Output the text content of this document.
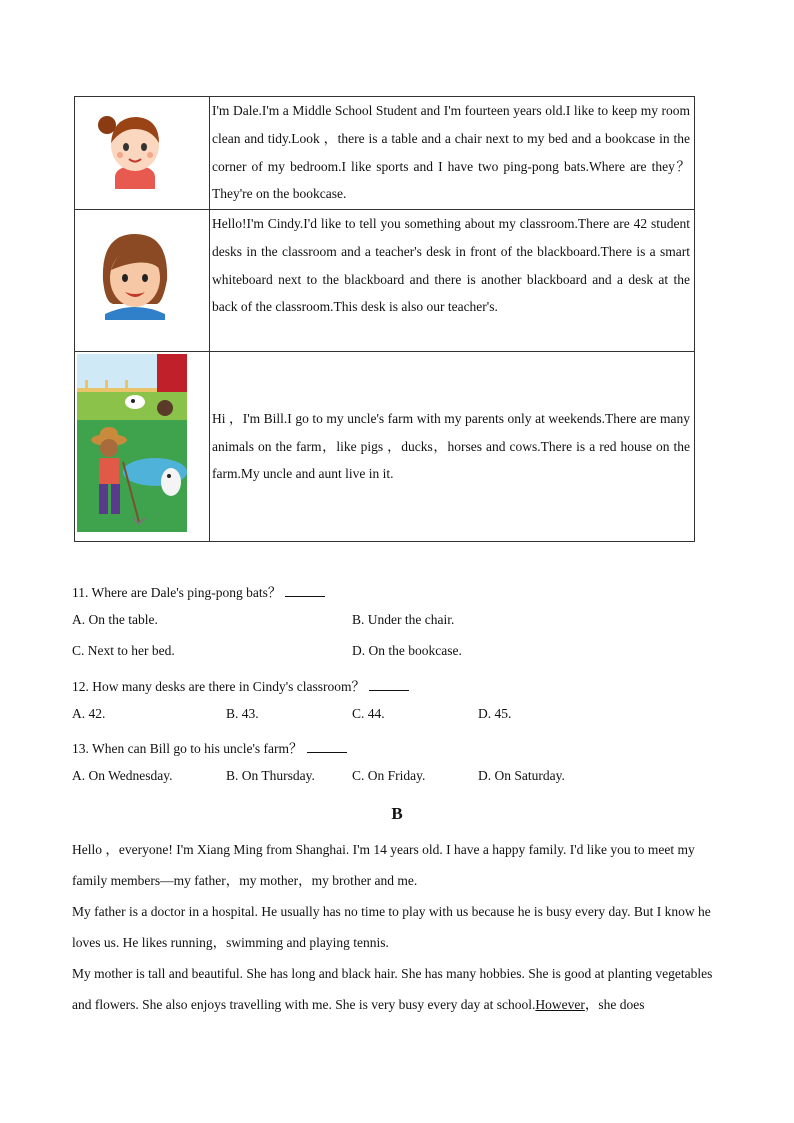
	I'm Dale.I'm a Middle School Student and I'm fourteen years old.I like to keep my room clean and tidy.Look ，there is a table and a chair next to my bed and a bookcase in the corner of my bedroom.I like sports and I have two ping-pong bats.Where are they？They're on the bookcase.

	Hello!I'm Cindy.I'd like to tell you something about my classroom.There are 42 student desks in the classroom and a teacher's desk in front of the blackboard.There is a smart whiteboard next to the blackboard and there is another blackboard and a desk at the back of the classroom.This desk is also our teacher's.

	Hi ，I'm Bill.I go to my uncle's farm with my parents only at weekends.There are many animals on the farm，like pigs ，ducks，horses and cows.There is a red house on the farm.My uncle and aunt live in it.
11. Where are Dale's ping-pong bats？
A. On the table.	B. Under the chair.
C. Next to her bed.	D. On the bookcase.
12. How many desks are there in Cindy's classroom？
A. 42.	B. 43.	C. 44.	D. 45.
13. When can Bill go to his uncle's farm？
A. On Wednesday.	B. On Thursday.	C. On Friday.	D. On Saturday.
B
Hello ，everyone! I'm Xiang Ming from Shanghai. I'm 14 years old. I have a happy family. I'd like you to meet my family members—my father，my mother，my brother and me.
My father is a doctor in a hospital. He usually has no time to play with us because he is busy every day. But I know he loves us. He likes running，swimming and playing tennis.
My mother is tall and beautiful. She has long and black hair. She has many hobbies. She is good at planting vegetables and flowers. She also enjoys travelling with me. She is very busy every day at school.However，she does
